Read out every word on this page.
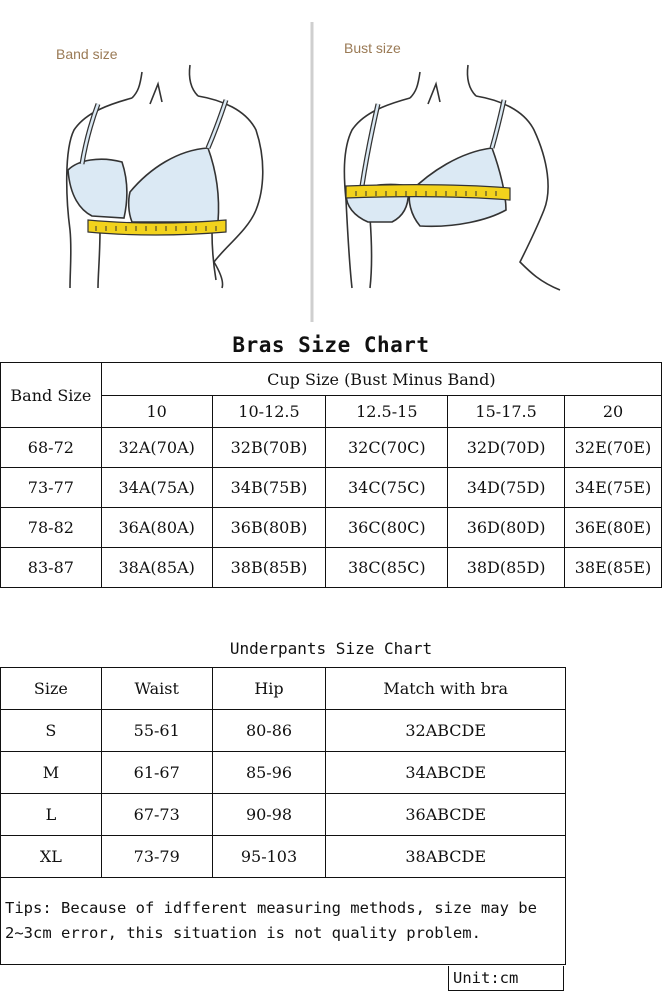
Band size	Bust size
Bras Size Chart
Band Size	Cup Size (Bust Minus Band)				
	10	10-12.5	12.5-15	15-17.5	20
68-72	32A(70A)	32B(70B)	32C(70C)	32D(70D)	32E(70E)
73-77	34A(75A)	34B(75B)	34C(75C)	34D(75D)	34E(75E)
78-82	36A(80A)	36B(80B)	36C(80C)	36D(80D)	36E(80E)
83-87	38A(85A)	38B(85B)	38C(85C)	38D(85D)	38E(85E)
Underpants Size Chart
Size	Waist	Hip	Match with bra
S	55-61	80-86	32ABCDE
M	61-67	85-96	34ABCDE
L	67-73	90-98	36ABCDE
XL	73-79	95-103	38ABCDE
Tips: Because of idfferent measuring methods, size may be 2~3cm error, this situation is not quality problem.			
Unit:cm
